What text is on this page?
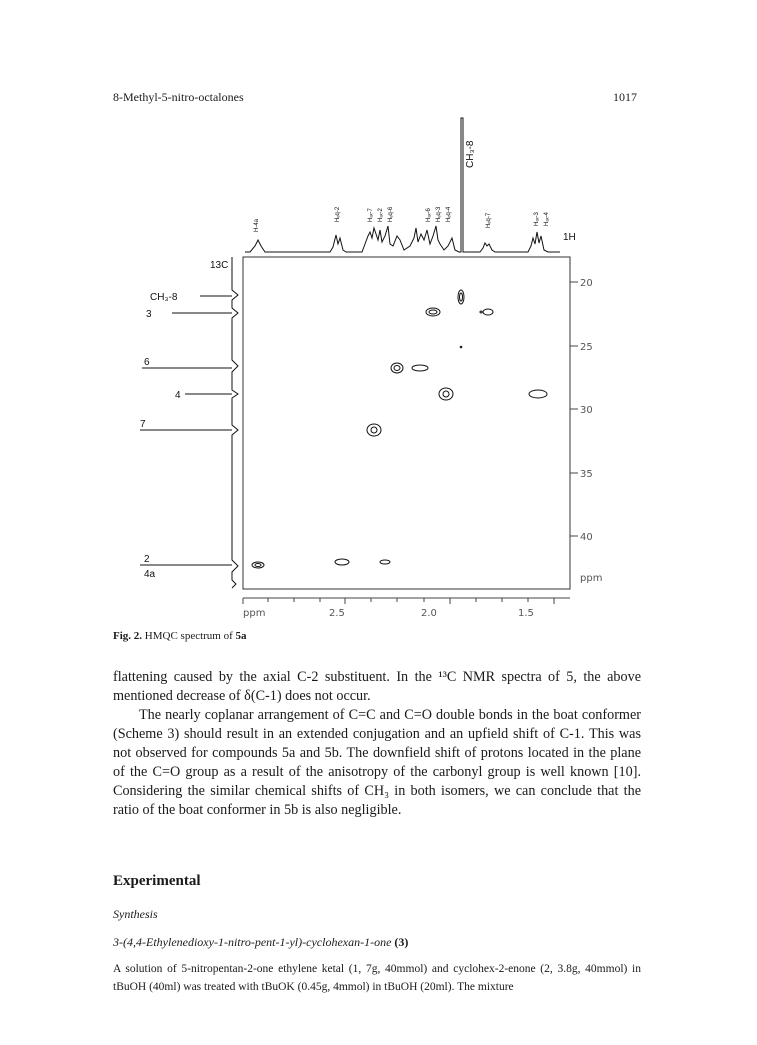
8-Methyl-5-nitro-octalones	1017
20
25
30
35
40
ppm
ppm	2.5	2.0	1.5
H-4a
Hₑq-2	Hₐₓ-7 Hₐₓ-2 Hₑq-6	Hₐₓ-6 Hₑq-3 Hₑq-4	Hₑq-7	Hₐₓ-3 Hₐₓ-4
CH₃-8
1H
13C
CH₃-8
3
6
4
7
2
4a
Fig. 2. HMQC spectrum of 5a

flattening caused by the axial C-2 substituent. In the ¹³C NMR spectra of 5, the above mentioned decrease of δ(C-1) does not occur.

The nearly coplanar arrangement of C=C and C=O double bonds in the boat conformer (Scheme 3) should result in an extended conjugation and an upfield shift of C-1. This was not observed for compounds 5a and 5b. The downfield shift of protons located in the plane of the C=O group as a result of the anisotropy of the carbonyl group is well known [10]. Considering the similar chemical shifts of CH₃ in both isomers, we can conclude that the ratio of the boat conformer in 5b is also negligible.

Experimental
Synthesis
3-(4,4-Ethylenedioxy-1-nitro-pent-1-yl)-cyclohexan-1-one (3)
A solution of 5-nitropentan-2-one ethylene ketal (1, 7g, 40mmol) and cyclohex-2-enone (2, 3.8g, 40mmol) in tBuOH (40ml) was treated with tBuOK (0.45g, 4mmol) in tBuOH (20ml). The mixture
